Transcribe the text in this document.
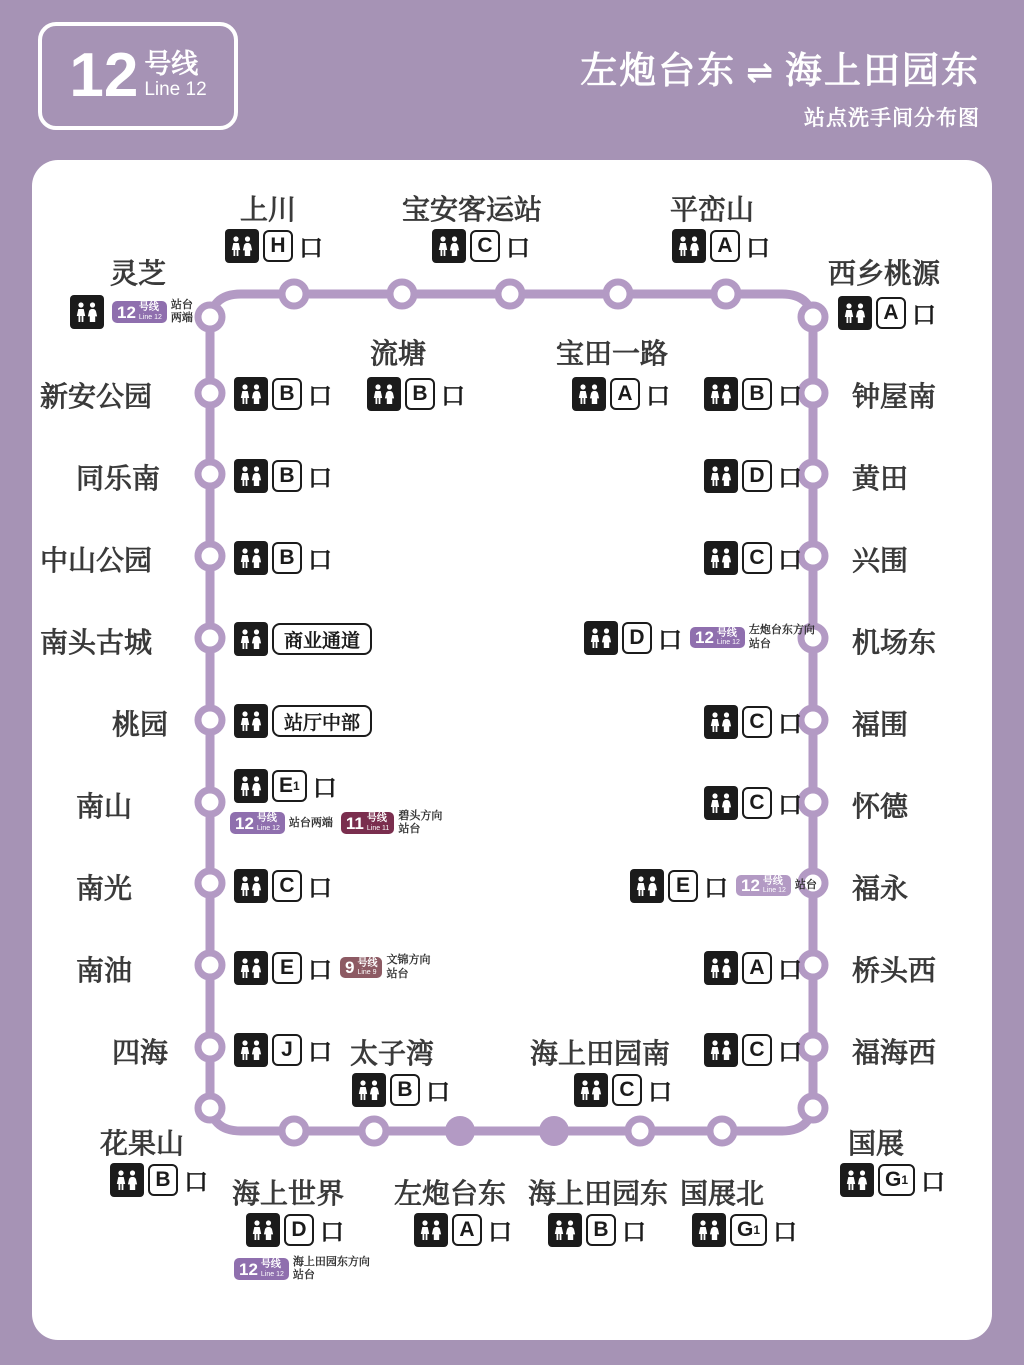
12 号线
Line 12	左炮台东 ⇌ 海上田园东
站点洗手间分布图
上川
H 口
宝安客运站
C 口
平峦山
A 口
灵芝
12 号线
Line 12
站台
两端
西乡桃源
A 口
新安公园	B 口
流塘
B 口
宝田一路
A 口	B 口 钟屋南
同乐南	B 口	D 口 黄田
中山公园	B 口	C 口 兴围
南头古城	商业通道	D 口 12 号线
Line 12
左炮台东方向
站台	机场东
桃园	站厅中部	C 口 福围
南山
E 1 口
12 号线
Line 12 站台两端 11 号线
Line 11
碧头方向
站台
C 口 怀德
南光	C 口	E 口 12 号线
Line 12 站台 福永
南油	E 口 9 号线
Line 9
文锦方向
站台	A 口 桥头西
四海	J 口 太子湾
B 口
海上田园南
C 口
C 口 福海西
花果山
B 口 海上世界
D 口
12 号线
Line 12
海上田园东方向
站台
左炮台东
A 口
海上田园东
B 口
国展北
G 1 口
国展
G 1 口
